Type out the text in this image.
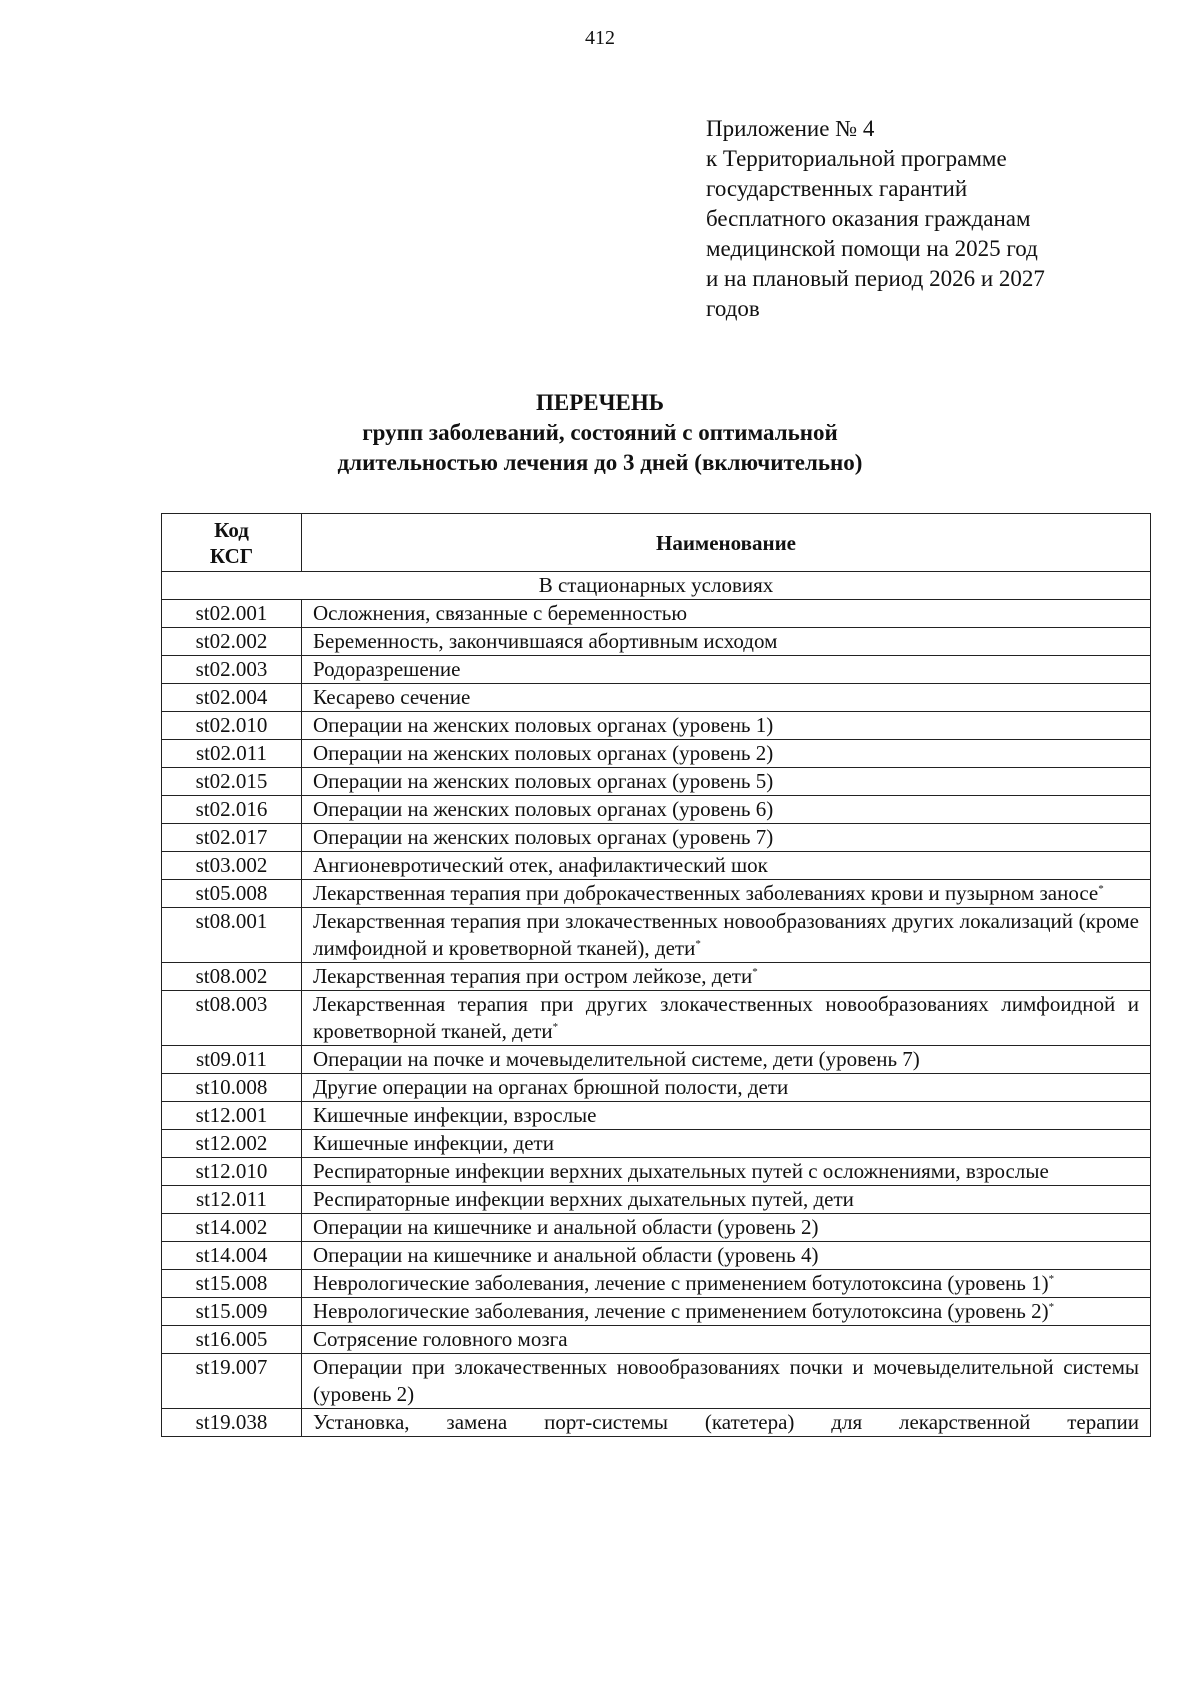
412
Приложение № 4
к Территориальной программе
государственных гарантий
бесплатного оказания гражданам
медицинской помощи на 2025 год
и на плановый период 2026 и 2027
годов
ПЕРЕЧЕНЬ
групп заболеваний, состояний с оптимальной
длительностью лечения до 3 дней (включительно)
Код
КСГ	Наименование
В стационарных условиях	
st02.001	Осложнения, связанные с беременностью
st02.002	Беременность, закончившаяся абортивным исходом
st02.003	Родоразрешение
st02.004	Кесарево сечение
st02.010	Операции на женских половых органах (уровень 1)
st02.011	Операции на женских половых органах (уровень 2)
st02.015	Операции на женских половых органах (уровень 5)
st02.016	Операции на женских половых органах (уровень 6)
st02.017	Операции на женских половых органах (уровень 7)
st03.002	Ангионевротический отек, анафилактический шок
st05.008	Лекарственная терапия при доброкачественных заболеваниях крови и пузырном заносе*
st08.001	Лекарственная терапия при злокачественных новообразованиях других локализаций (кроме лимфоидной и кроветворной тканей), дети*
st08.002	Лекарственная терапия при остром лейкозе, дети*
st08.003	Лекарственная терапия при других злокачественных новообразованиях лимфоидной и кроветворной тканей, дети*
st09.011	Операции на почке и мочевыделительной системе, дети (уровень 7)
st10.008	Другие операции на органах брюшной полости, дети
st12.001	Кишечные инфекции, взрослые
st12.002	Кишечные инфекции, дети
st12.010	Респираторные инфекции верхних дыхательных путей с осложнениями, взрослые
st12.011	Респираторные инфекции верхних дыхательных путей, дети
st14.002	Операции на кишечнике и анальной области (уровень 2)
st14.004	Операции на кишечнике и анальной области (уровень 4)
st15.008	Неврологические заболевания, лечение с применением ботулотоксина (уровень 1)*
st15.009	Неврологические заболевания, лечение с применением ботулотоксина (уровень 2)*
st16.005	Сотрясение головного мозга
st19.007	Операции при злокачественных новообразованиях почки и мочевыделительной системы (уровень 2)
st19.038	Установка, замена порт-системы (катетера) для лекарственной терапии
